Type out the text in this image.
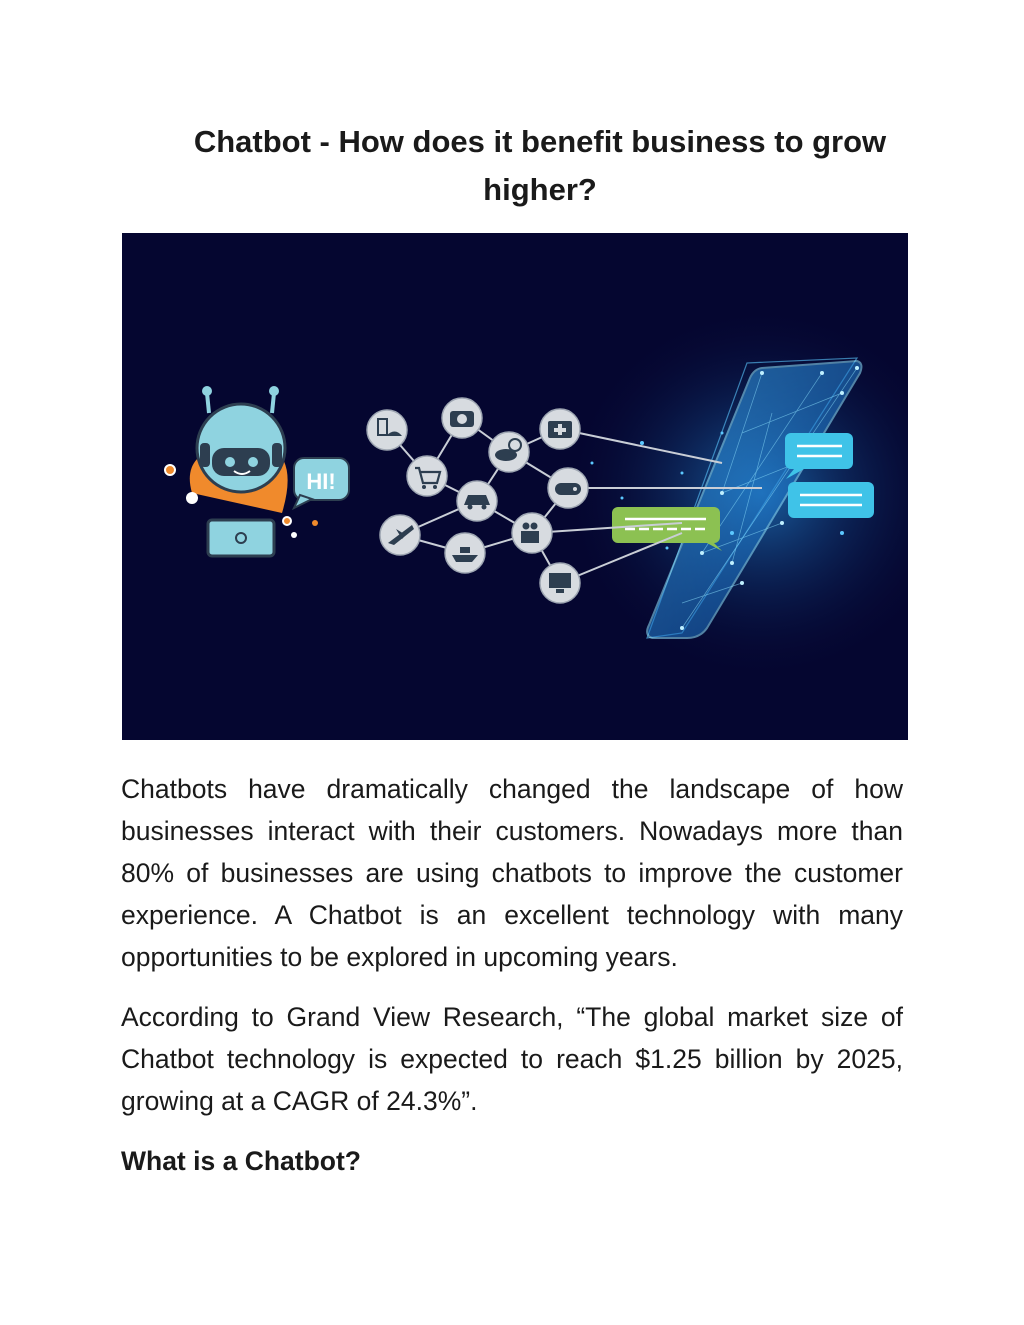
Chatbot - How does it benefit business to grow higher?
HI!

Chatbots have dramatically changed the landscape of how businesses interact with their customers. Nowadays more than 80% of businesses are using chatbots to improve the customer experience. A Chatbot is an excellent technology with many opportunities to be explored in upcoming years.

According to Grand View Research, “The global market size of Chatbot technology is expected to reach $1.25 billion by 2025, growing at a CAGR of 24.3%”.

What is a Chatbot?
